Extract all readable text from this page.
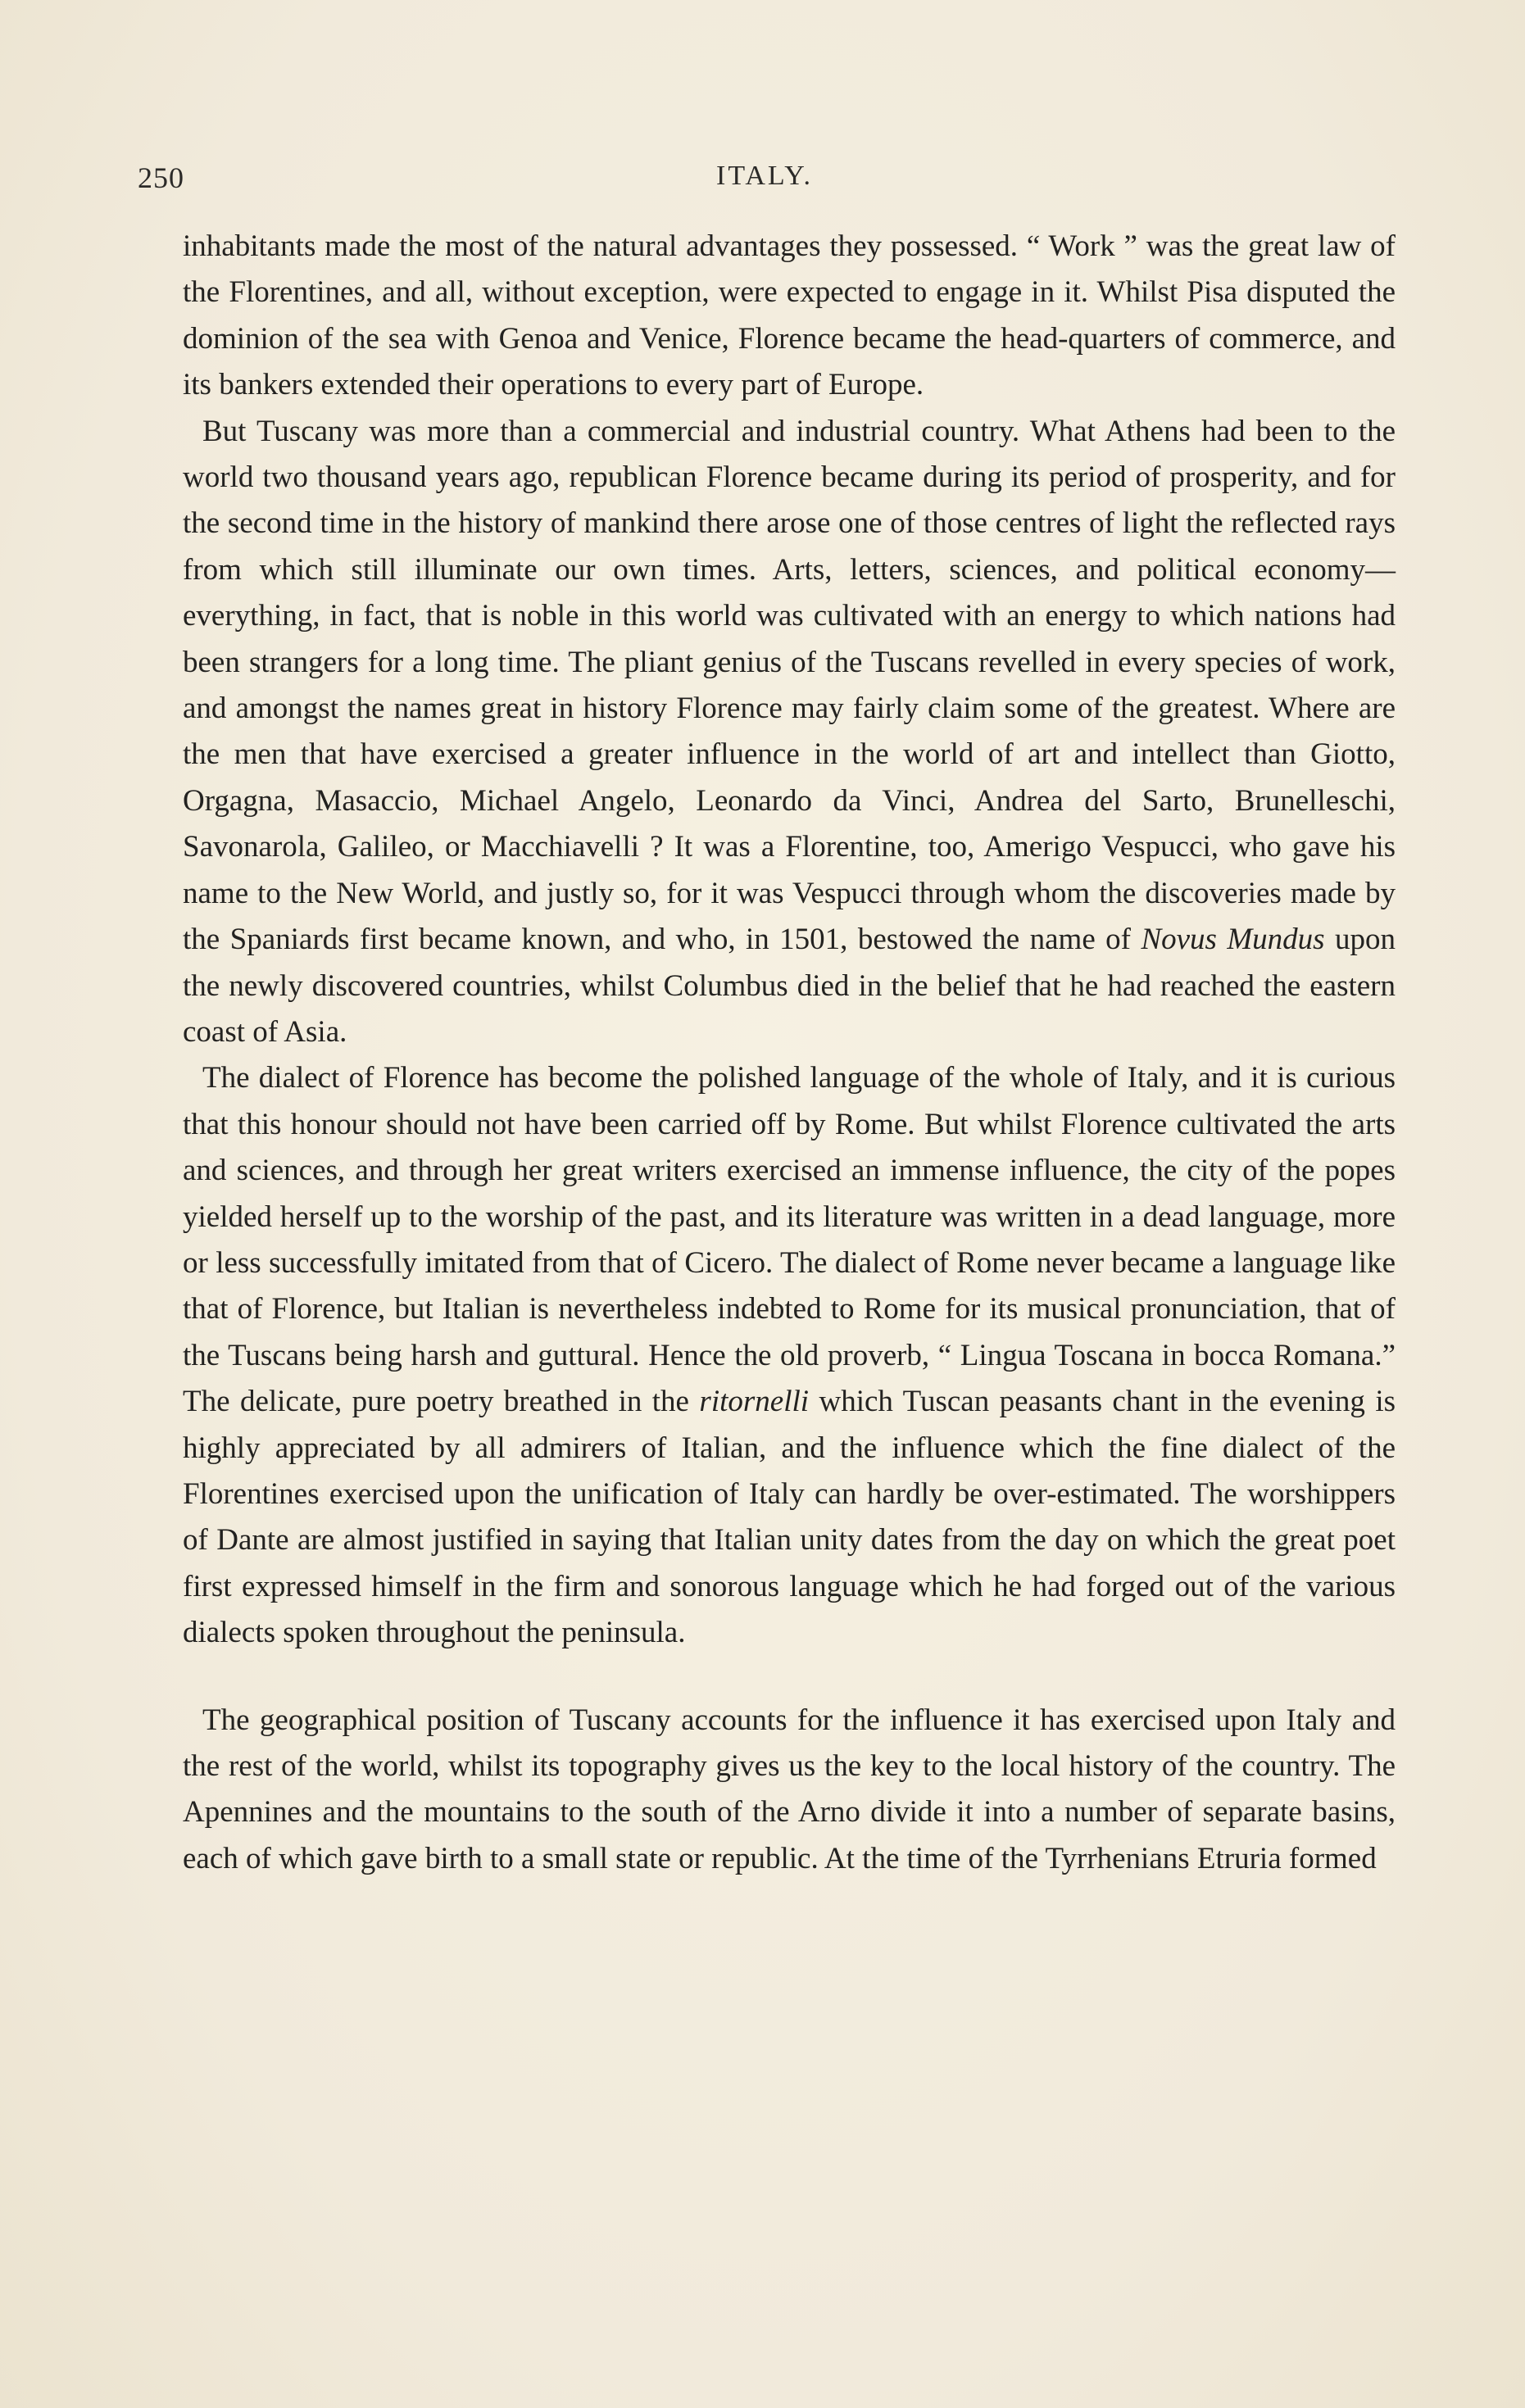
250	ITALY.

inhabitants made the most of the natural advantages they possessed. “ Work ” was the great law of the Florentines, and all, without exception, were expected to engage in it. Whilst Pisa disputed the dominion of the sea with Genoa and Venice, Florence became the head-quarters of commerce, and its bankers extended their operations to every part of Europe.

But Tuscany was more than a commercial and industrial country. What Athens had been to the world two thousand years ago, republican Florence became during its period of prosperity, and for the second time in the history of mankind there arose one of those centres of light the reflected rays from which still illuminate our own times. Arts, letters, sciences, and political economy—everything, in fact, that is noble in this world was cultivated with an energy to which nations had been strangers for a long time. The pliant genius of the Tuscans revelled in every species of work, and amongst the names great in history Florence may fairly claim some of the greatest. Where are the men that have exercised a greater influence in the world of art and intellect than Giotto, Orgagna, Masaccio, Michael Angelo, Leonardo da Vinci, Andrea del Sarto, Brunelleschi, Savonarola, Galileo, or Macchiavelli ? It was a Florentine, too, Amerigo Vespucci, who gave his name to the New World, and justly so, for it was Vespucci through whom the discoveries made by the Spaniards first became known, and who, in 1501, bestowed the name of Novus Mundus upon the newly discovered countries, whilst Columbus died in the belief that he had reached the eastern coast of Asia.

The dialect of Florence has become the polished language of the whole of Italy, and it is curious that this honour should not have been carried off by Rome. But whilst Florence cultivated the arts and sciences, and through her great writers exercised an immense influence, the city of the popes yielded herself up to the worship of the past, and its literature was written in a dead language, more or less successfully imitated from that of Cicero. The dialect of Rome never became a language like that of Florence, but Italian is nevertheless indebted to Rome for its musical pronunciation, that of the Tuscans being harsh and guttural. Hence the old proverb, “ Lingua Toscana in bocca Romana.” The delicate, pure poetry breathed in the ritornelli which Tuscan peasants chant in the evening is highly appreciated by all admirers of Italian, and the influence which the fine dialect of the Florentines exercised upon the unification of Italy can hardly be over-estimated. The worshippers of Dante are almost justified in saying that Italian unity dates from the day on which the great poet first expressed himself in the firm and sonorous language which he had forged out of the various dialects spoken throughout the peninsula.

The geographical position of Tuscany accounts for the influence it has exercised upon Italy and the rest of the world, whilst its topography gives us the key to the local history of the country. The Apennines and the mountains to the south of the Arno divide it into a number of separate basins, each of which gave birth to a small state or republic. At the time of the Tyrrhenians Etruria formed
